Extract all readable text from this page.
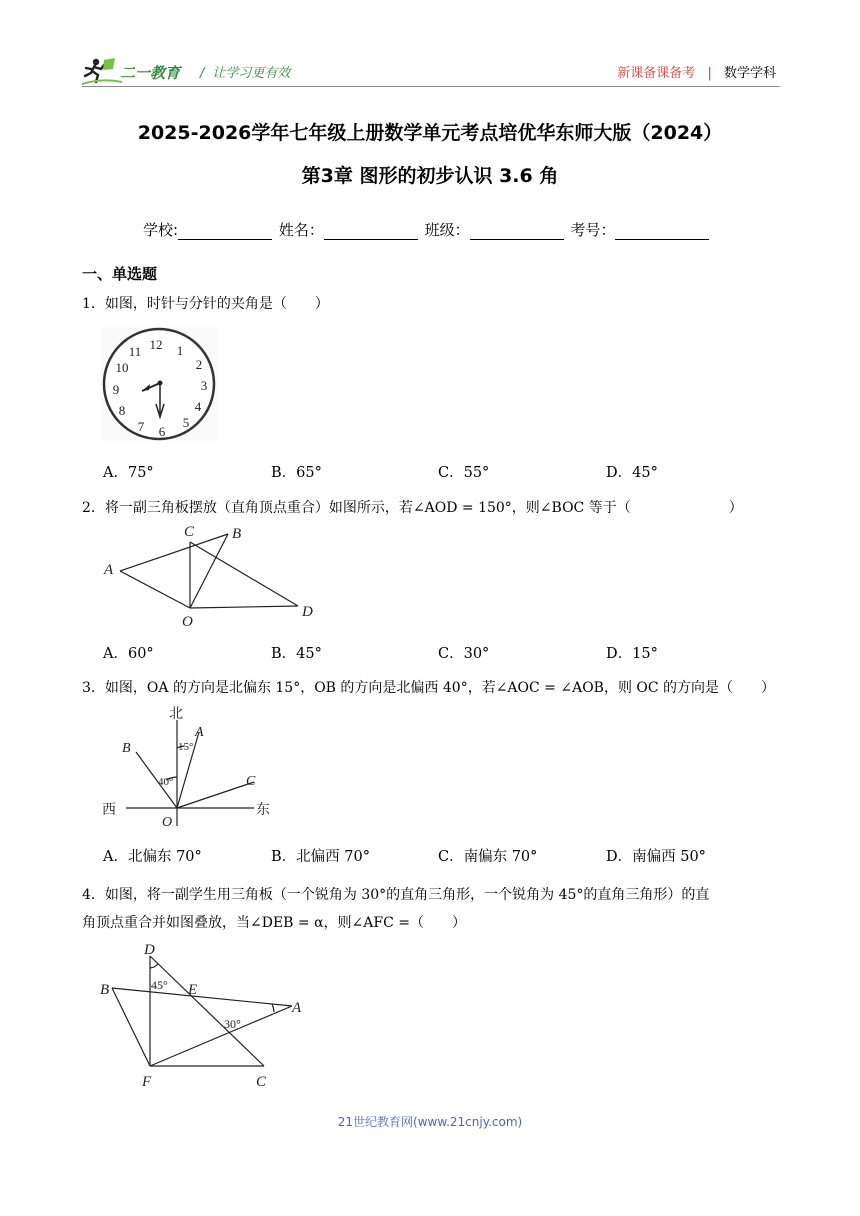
二一教育 / 让学习更有效	新课备课备考 | 数学学科
2025-2026学年七年级上册数学单元考点培优华东师大版（2024）
第3章 图形的初步认识 3.6 角
学校:	姓名：	班级：	考号：
一、单选题
1．如图，时针与分针的夹角是（　　）
12 1
2
3
4
5
6
7
8
9
10
11
A．75°	B．65°	C．55°	D．45°
2．将一副三角板摆放（直角顶点重合）如图所示，若∠AOD = 150°，则∠BOC 等于（　　　　　　　）
A
C	B
O
D
A．60°	B．45°	C．30°	D．15°
3．如图，OA 的方向是北偏东 15°，OB 的方向是北偏西 40°，若∠AOC = ∠AOB，则 OC 的方向是（　　）
北
A
B	15°
40°	C
西
O
东
A．北偏东 70°	B．北偏西 70°	C．南偏东 70°	D．南偏西 50°
4．如图，将一副学生用三角板（一个锐角为 30°的直角三角形，一个锐角为 45°的直角三角形）的直
角顶点重合并如图叠放，当∠DEB = α，则∠AFC =（　　）
D
45° E
B
A
30°
F	C
21世纪教育网(www.21cnjy.com)
